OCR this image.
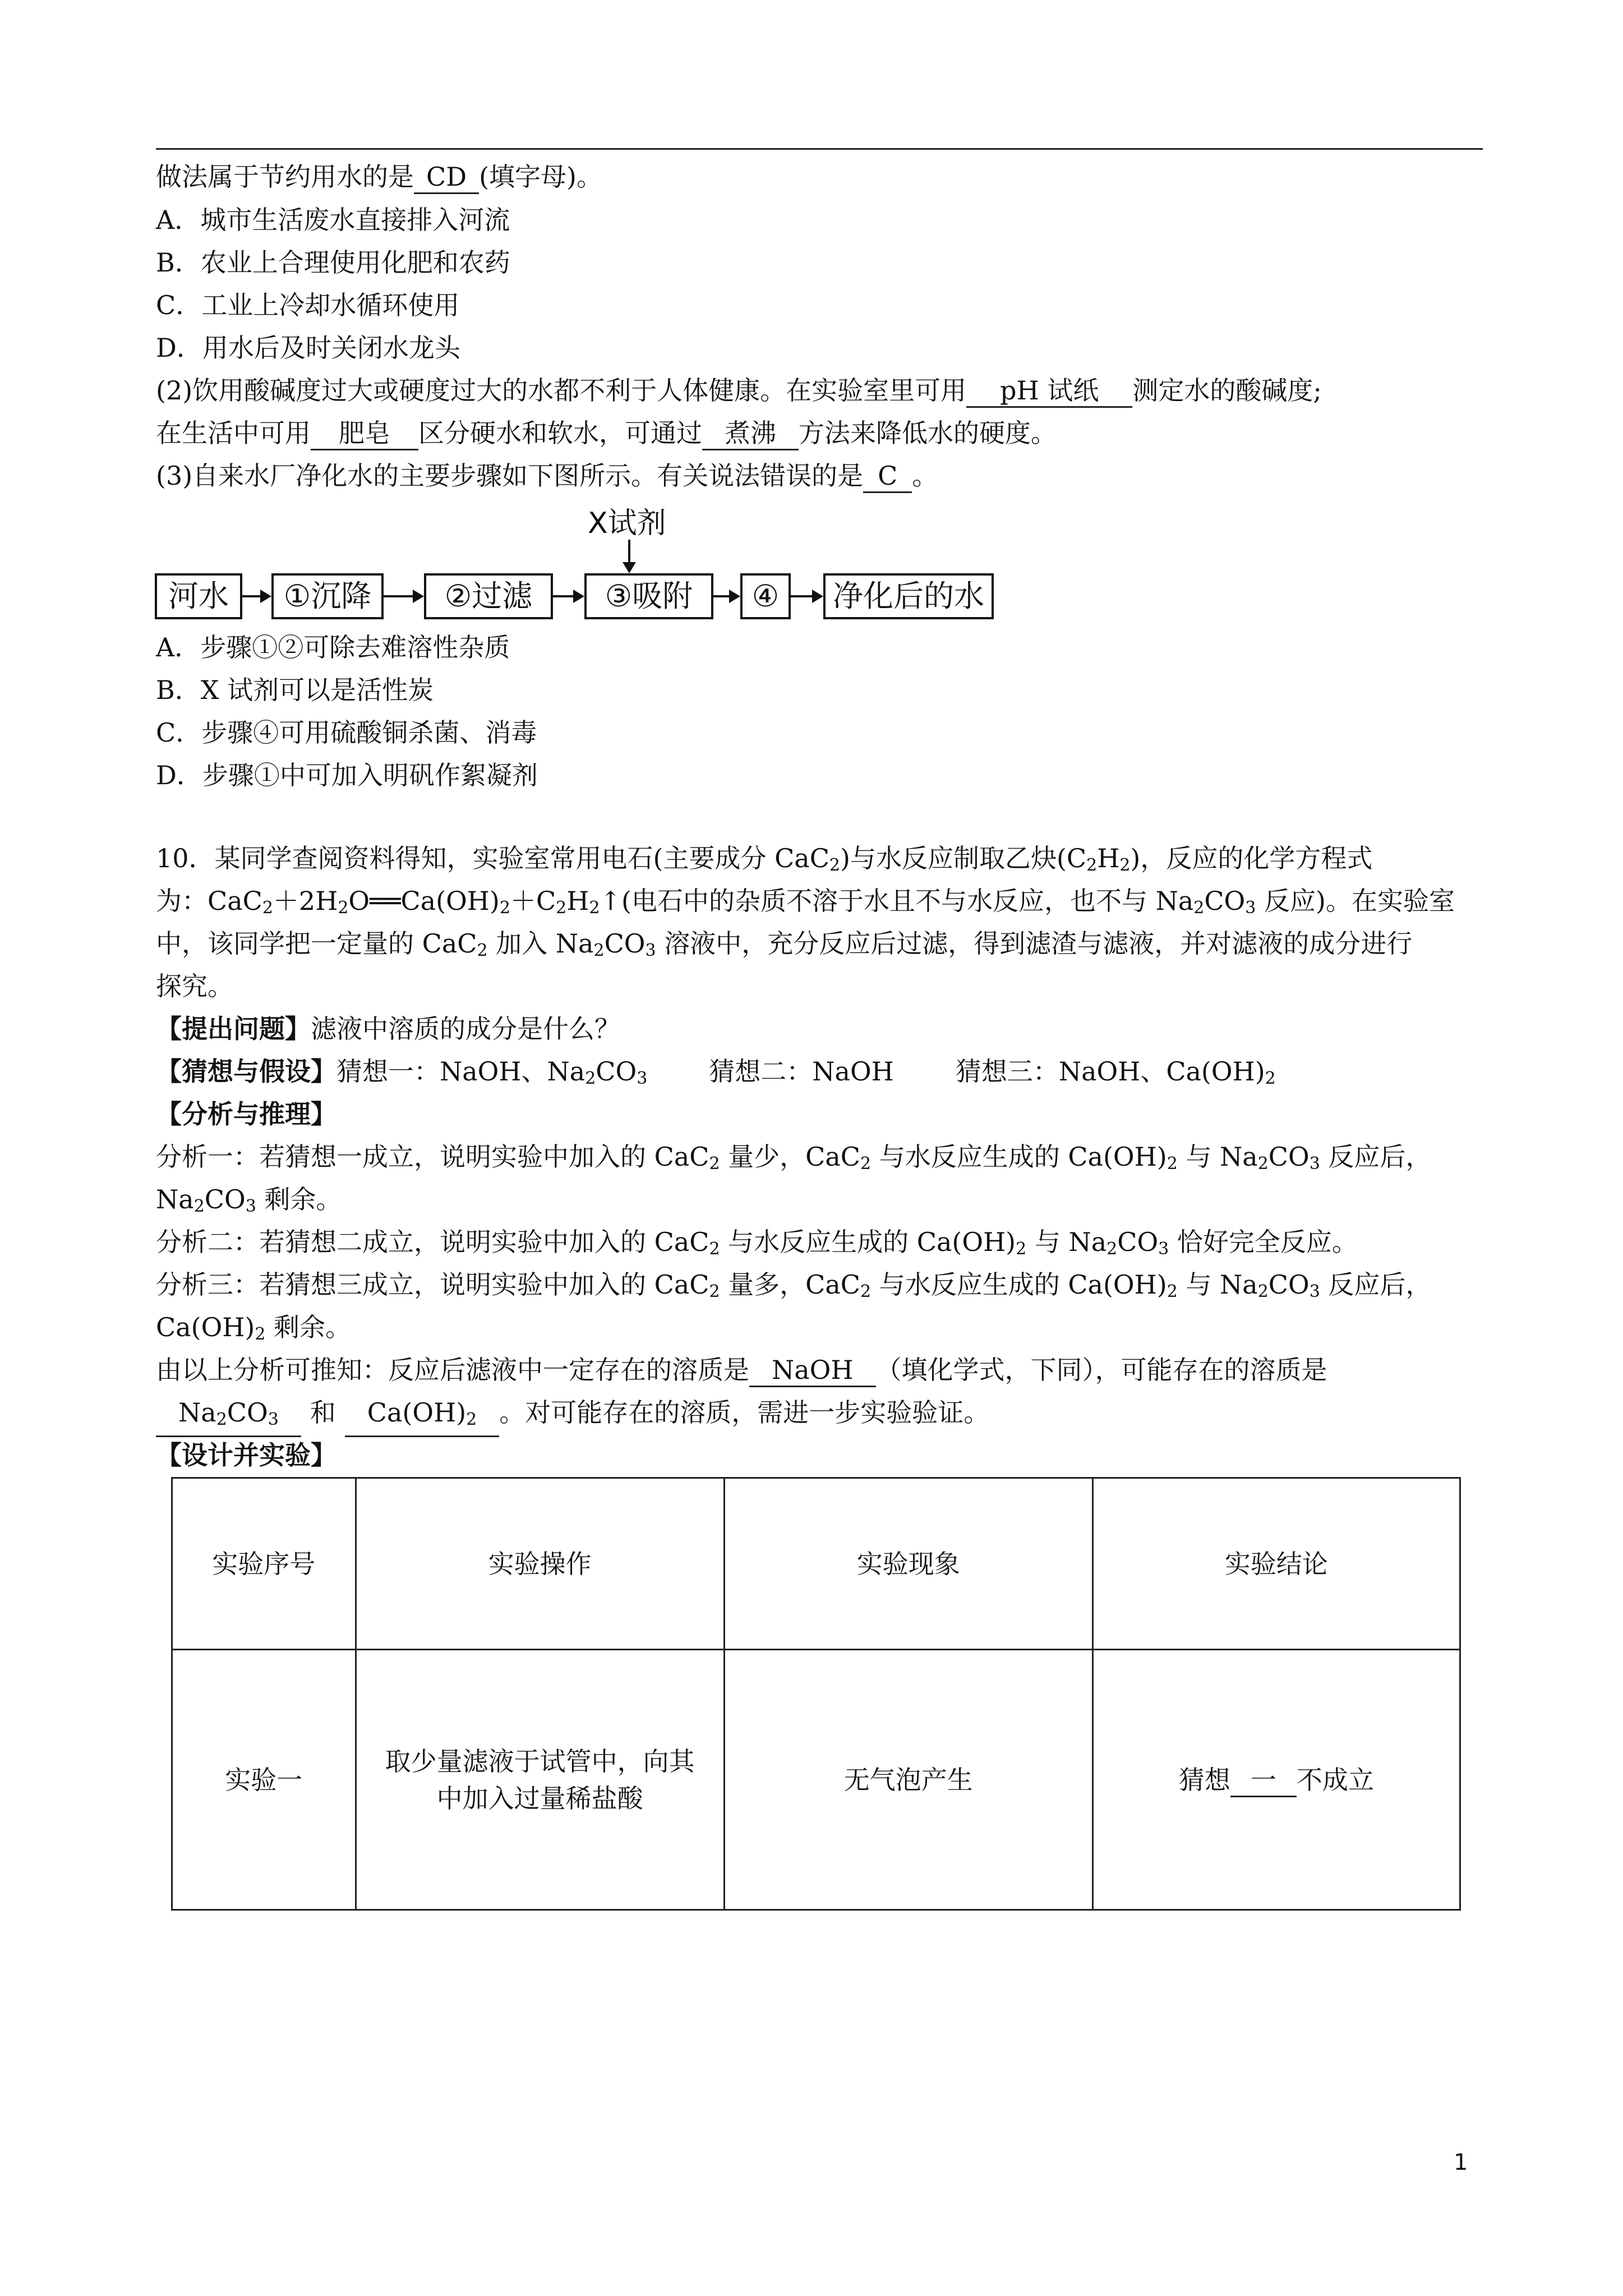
做法属于节约用水的是 CD (填字母)。
A．城市生活废水直接排入河流
B．农业上合理使用化肥和农药
C．工业上冷却水循环使用
D．用水后及时关闭水龙头
(2)饮用酸碱度过大或硬度过大的水都不利于人体健康。在实验室里可用 pH 试纸 测定水的酸碱度;
在生活中可用 肥皂 区分硬水和软水，可通过 煮沸 方法来降低水的硬度。
(3)自来水厂净化水的主要步骤如下图所示。有关说法错误的是 C 。
X试剂
河水	①沉降	②过滤	③吸附	④	净化后的水
A．步骤①②可除去难溶性杂质
B．X 试剂可以是活性炭
C．步骤④可用硫酸铜杀菌、消毒
D．步骤①中可加入明矾作絮凝剂
10．某同学查阅资料得知，实验室常用电石(主要成分 CaC$_2$)与水反应制取乙炔$(C_2H_2)$，反应的化学方程式
为：$CaC_2+2H_2O══Ca(OH)_2+C_2H_2↑$(电石中的杂质不溶于水且不与水反应，也不与 $Na_2CO_3$ 反应)。在实验室
中，该同学把一定量的 CaC$_2$ 加入 $Na_2CO_3$ 溶液中，充分反应后过滤，得到滤渣与滤液，并对滤液的成分进行
探究。
【提出问题】滤液中溶质的成分是什么？
【猜想与假设】猜想一：NaOH、$Na_2CO_3$ 猜想二：NaOH 猜想三：NaOH、$Ca(OH)_2$
【分析与推理】
分析一：若猜想一成立，说明实验中加入的 CaC$_2$ 量少，CaC$_2$ 与水反应生成的 $Ca(OH)_2$ 与 $Na_2CO_3$ 反应后，
$Na_2CO_3$ 剩余。
分析二：若猜想二成立，说明实验中加入的 CaC$_2$ 与水反应生成的 $Ca(OH)_2$ 与 $Na_2CO_3$ 恰好完全反应。
分析三：若猜想三成立，说明实验中加入的 CaC$_2$ 量多，CaC$_2$ 与水反应生成的 $Ca(OH)_2$ 与 $Na_2CO_3$ 反应后，
$Ca(OH)_2$ 剩余。
由以上分析可推知：反应后滤液中一定存在的溶质是 NaOH （填化学式，下同），可能存在的溶质是
$Na_2CO_3$ 和 $Ca(OH)_2$ 。对可能存在的溶质，需进一步实验验证。
【设计并实验】
实验序号	实验操作	实验现象	实验结论
实验一	取少量滤液于试管中，向其
中加入过量稀盐酸	无气泡产生	猜想 一 不成立
1
